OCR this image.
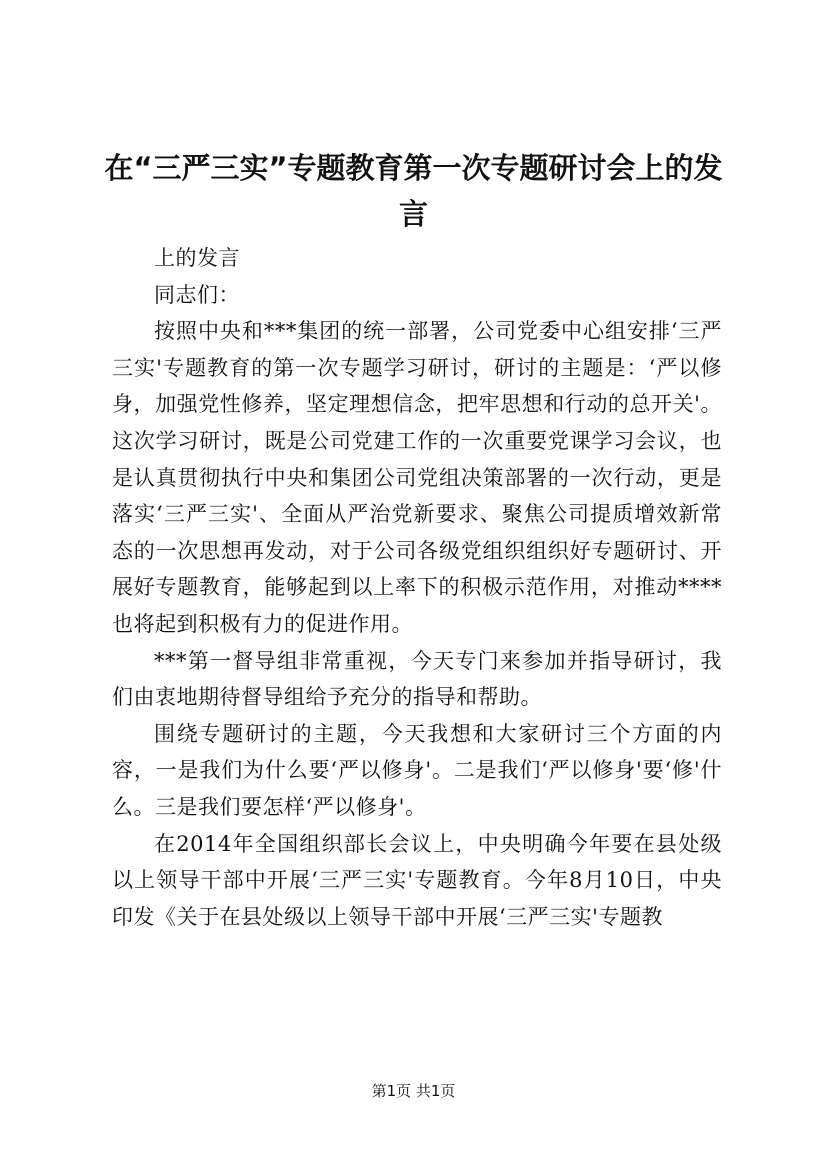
在“三严三实”专题教育第一次专题研讨会上的发言

上的发言

同志们：

按照中央和***集团的统一部署，公司党委中心组安排‘三严三实'专题教育的第一次专题学习研讨，研讨的主题是：‘严以修身，加强党性修养，坚定理想信念，把牢思想和行动的总开关'。这次学习研讨，既是公司党建工作的一次重要党课学习会议，也是认真贯彻执行中央和集团公司党组决策部署的一次行动，更是落实‘三严三实'、全面从严治党新要求、聚焦公司提质增效新常态的一次思想再发动，对于公司各级党组织组织好专题研讨、开展好专题教育，能够起到以上率下的积极示范作用，对推动****也将起到积极有力的促进作用。

***第一督导组非常重视，今天专门来参加并指导研讨，我们由衷地期待督导组给予充分的指导和帮助。

围绕专题研讨的主题，今天我想和大家研讨三个方面的内容，一是我们为什么要‘严以修身'。二是我们‘严以修身'要‘修'什么。三是我们要怎样‘严以修身'。

在2014年全国组织部长会议上，中央明确今年要在县处级以上领导干部中开展‘三严三实'专题教育。今年8月10日，中央印发《关于在县处级以上领导干部中开展‘三严三实'专题教

第1页 共1页
